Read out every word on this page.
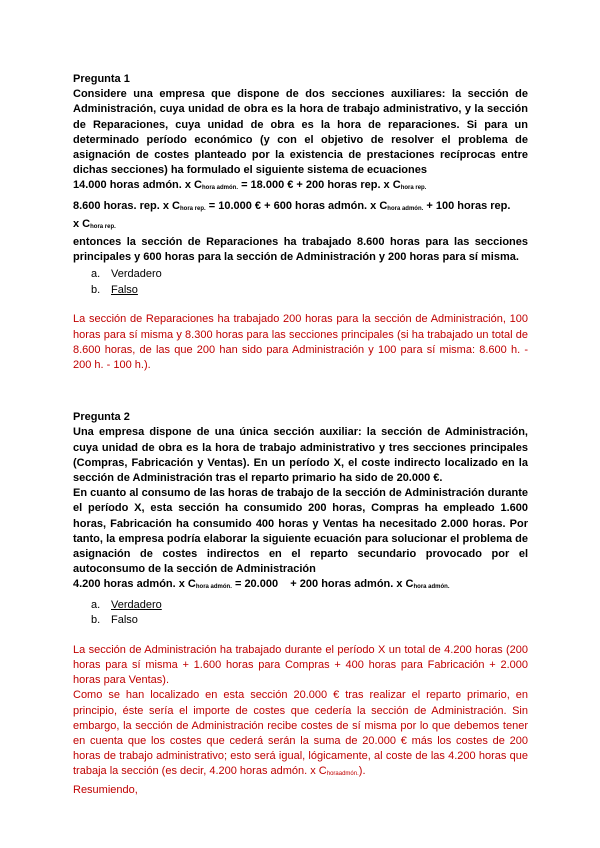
Pregunta 1

Considere una empresa que dispone de dos secciones auxiliares: la sección de Administración, cuya unidad de obra es la hora de trabajo administrativo, y la sección de Reparaciones, cuya unidad de obra es la hora de reparaciones. Si para un determinado período económico (y con el objetivo de resolver el problema de asignación de costes planteado por la existencia de prestaciones recíprocas entre dichas secciones) ha formulado el siguiente sistema de ecuaciones

14.000 horas admón. x Chora admón. = 18.000 € + 200 horas rep. x Chora rep.

8.600 horas. rep. x Chora rep. = 10.000 € + 600 horas admón. x Chora admón. + 100 horas rep.

x Chora rep.

entonces la sección de Reparaciones ha trabajado 8.600 horas para las secciones principales y 600 horas para la sección de Administración y 200 horas para sí misma.

a. Verdadero
b. Falso

La sección de Reparaciones ha trabajado 200 horas para la sección de Administración, 100 horas para sí misma y 8.300 horas para las secciones principales (si ha trabajado un total de 8.600 horas, de las que 200 han sido para Administración y 100 para sí misma: 8.600 h. - 200 h. - 100 h.).

Pregunta 2

Una empresa dispone de una única sección auxiliar: la sección de Administración, cuya unidad de obra es la hora de trabajo administrativo y tres secciones principales (Compras, Fabricación y Ventas). En un período X, el coste indirecto localizado en la sección de Administración tras el reparto primario ha sido de 20.000 €.

En cuanto al consumo de las horas de trabajo de la sección de Administración durante el período X, esta sección ha consumido 200 horas, Compras ha empleado 1.600 horas, Fabricación ha consumido 400 horas y Ventas ha necesitado 2.000 horas. Por tanto, la empresa podría elaborar la siguiente ecuación para solucionar el problema de asignación de costes indirectos en el reparto secundario provocado por el autoconsumo de la sección de Administración

4.200 horas admón. x Chora admón. = 20.000    + 200 horas admón. x Chora admón.

a. Verdadero
b. Falso

La sección de Administración ha trabajado durante el período X un total de 4.200 horas (200 horas para sí misma + 1.600 horas para Compras + 400 horas para Fabricación + 2.000 horas para Ventas).

Como se han localizado en esta sección 20.000 € tras realizar el reparto primario, en principio, éste sería el importe de costes que cedería la sección de Administración. Sin embargo, la sección de Administración recibe costes de sí misma por lo que debemos tener en cuenta que los costes que cederá serán la suma de 20.000 € más los costes de 200 horas de trabajo administrativo; esto será igual, lógicamente, al coste de las 4.200 horas que trabaja la sección (es decir, 4.200 horas admón. x Choraadmón.).

Resumiendo,
